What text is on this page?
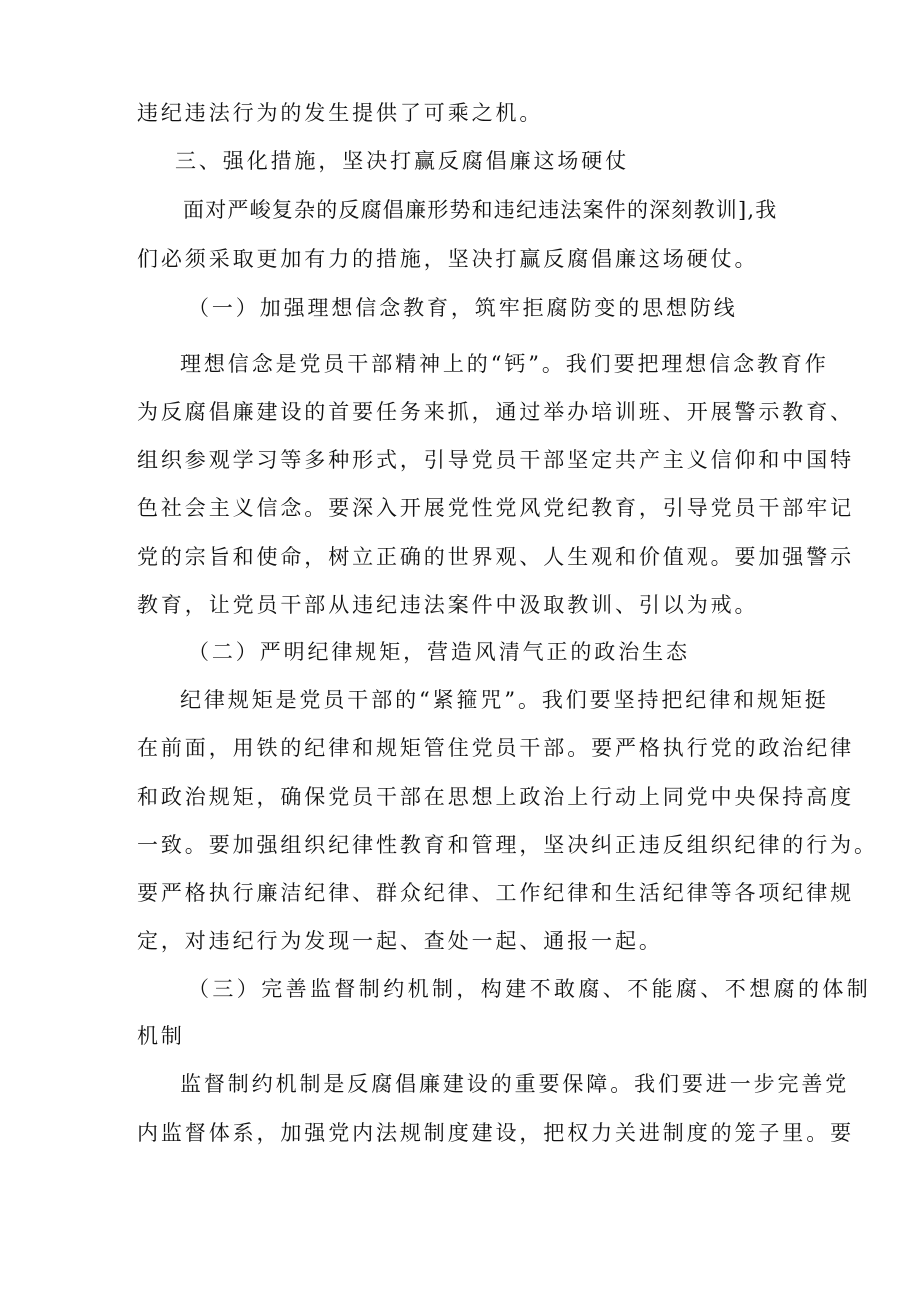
违纪违法行为的发生提供了可乘之机。
三、强化措施，坚决打赢反腐倡廉这场硬仗
面对严峻复杂的反腐倡廉形势和违纪违法案件的深刻教训],我
们必须采取更加有力的措施，坚决打赢反腐倡廉这场硬仗。
（一）加强理想信念教育，筑牢拒腐防变的思想防线
理想信念是党员干部精神上的“钙”。我们要把理想信念教育作
为反腐倡廉建设的首要任务来抓，通过举办培训班、开展警示教育、
组织参观学习等多种形式，引导党员干部坚定共产主义信仰和中国特
色社会主义信念。要深入开展党性党风党纪教育，引导党员干部牢记
党的宗旨和使命，树立正确的世界观、人生观和价值观。要加强警示
教育，让党员干部从违纪违法案件中汲取教训、引以为戒。
（二）严明纪律规矩，营造风清气正的政治生态
纪律规矩是党员干部的“紧箍咒”。我们要坚持把纪律和规矩挺
在前面，用铁的纪律和规矩管住党员干部。要严格执行党的政治纪律
和政治规矩，确保党员干部在思想上政治上行动上同党中央保持高度
一致。要加强组织纪律性教育和管理，坚决纠正违反组织纪律的行为。
要严格执行廉洁纪律、群众纪律、工作纪律和生活纪律等各项纪律规
定，对违纪行为发现一起、查处一起、通报一起。
（三）完善监督制约机制，构建不敢腐、不能腐、不想腐的体制
机制
监督制约机制是反腐倡廉建设的重要保障。我们要进一步完善党
内监督体系，加强党内法规制度建设，把权力关进制度的笼子里。要
